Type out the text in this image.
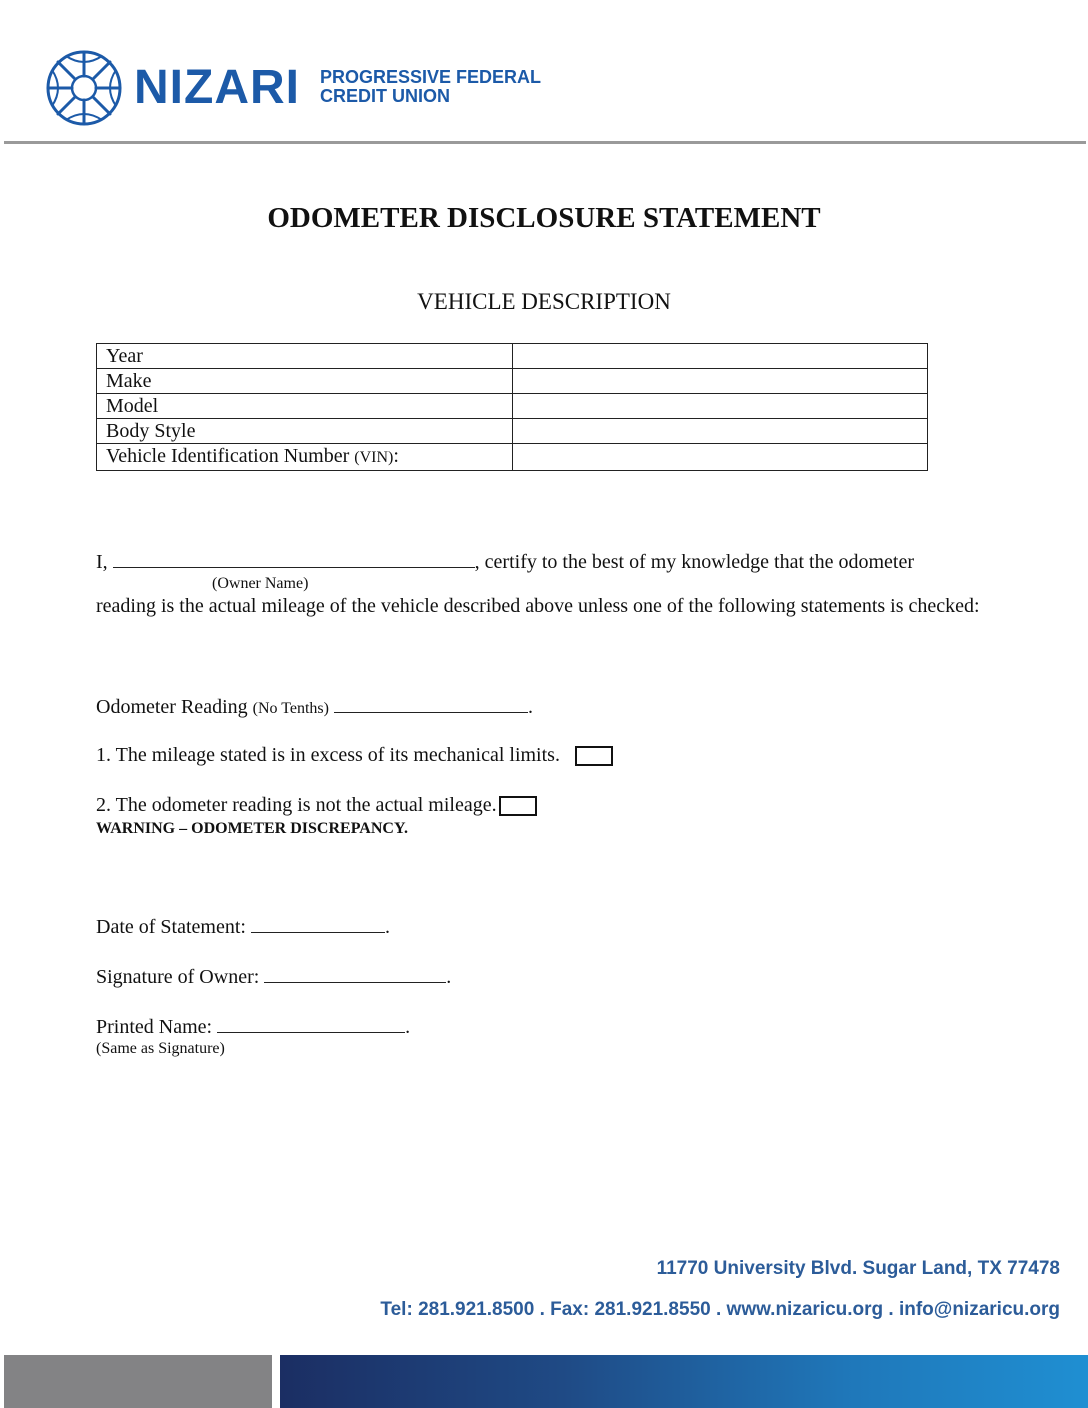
NIZARI PROGRESSIVE FEDERAL
CREDIT UNION
ODOMETER DISCLOSURE STATEMENT
VEHICLE DESCRIPTION
Year	
Make	
Model	
Body Style	
Vehicle Identification Number (VIN):	
I,	, certify to the best of my knowledge that the odometer
(Owner Name)
reading is the actual mileage of the vehicle described above unless one of the following statements is checked:
Odometer Reading (No Tenths)	.
1. The mileage stated is in excess of its mechanical limits.
2. The odometer reading is not the actual mileage.
WARNING – ODOMETER DISCREPANCY.
Date of Statement:	.
Signature of Owner:	.
Printed Name:	.
(Same as Signature)
11770 University Blvd. Sugar Land, TX 77478
Tel: 281.921.8500 . Fax: 281.921.8550 . www.nizaricu.org . info@nizaricu.org
